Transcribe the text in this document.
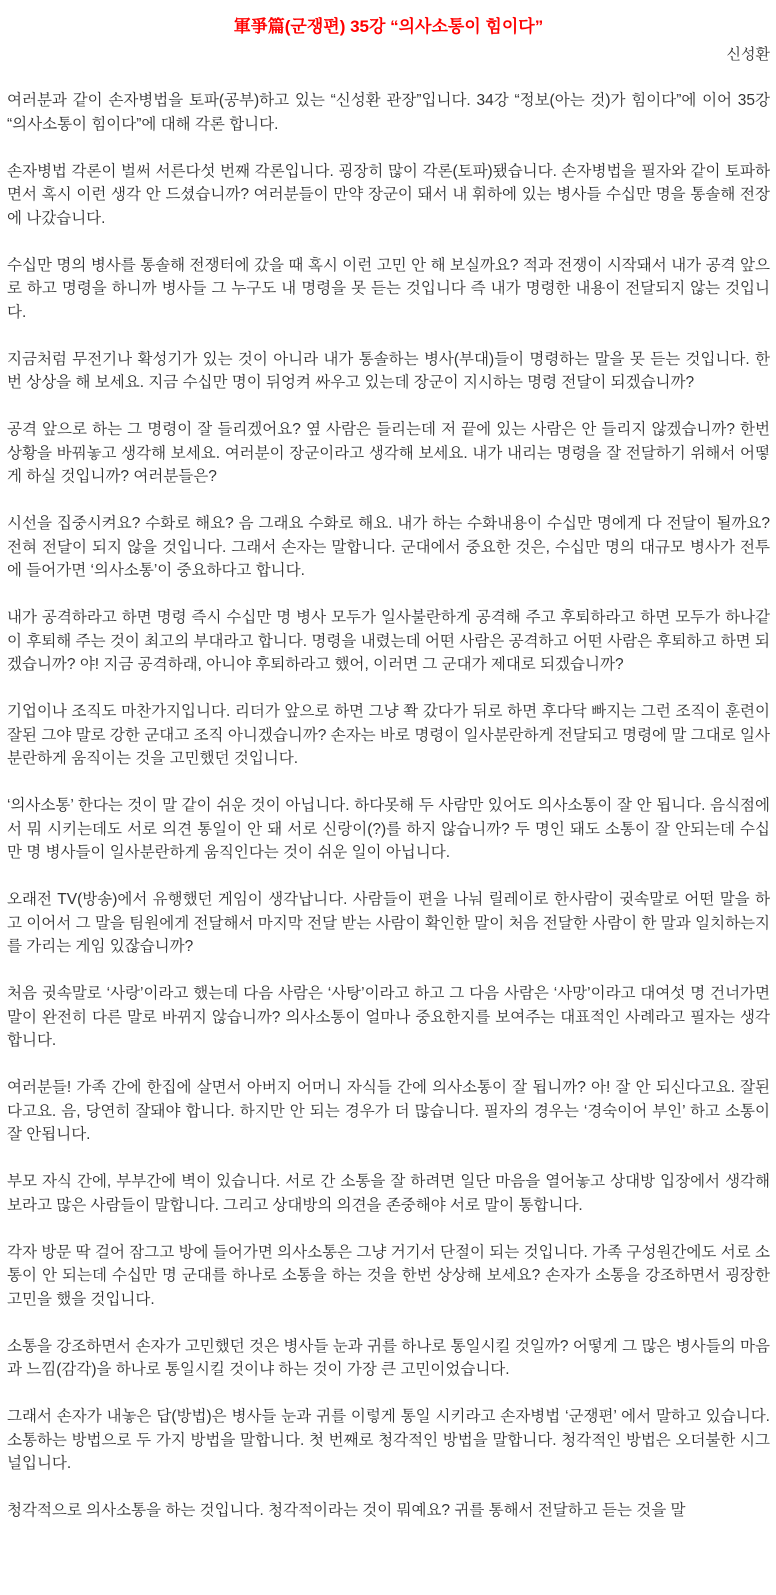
軍爭篇(군쟁편) 35강 “의사소통이 힘이다”
신성환

여러분과 같이 손자병법을 토파(공부)하고 있는 “신성환 관장”입니다. 34강 “정보(아는 것)가 힘이다”에 이어 35강 “의사소통이 힘이다”에 대해 각론 합니다.

손자병법 각론이 벌써 서른다섯 번째 각론입니다. 굉장히 많이 각론(토파)됐습니다. 손자병법을 필자와 같이 토파하면서 혹시 이런 생각 안 드셨습니까? 여러분들이 만약 장군이 돼서 내 휘하에 있는 병사들 수십만 명을 통솔해 전장에 나갔습니다.

수십만 명의 병사를 통솔해 전쟁터에 갔을 때 혹시 이런 고민 안 해 보실까요? 적과 전쟁이 시작돼서 내가 공격 앞으로 하고 명령을 하니까 병사들 그 누구도 내 명령을 못 듣는 것입니다 즉 내가 명령한 내용이 전달되지 않는 것입니다.

지금처럼 무전기나 확성기가 있는 것이 아니라 내가 통솔하는 병사(부대)들이 명령하는 말을 못 듣는 것입니다. 한번 상상을 해 보세요. 지금 수십만 명이 뒤엉켜 싸우고 있는데 장군이 지시하는 명령 전달이 되겠습니까?

공격 앞으로 하는 그 명령이 잘 들리겠어요? 옆 사람은 들리는데 저 끝에 있는 사람은 안 들리지 않겠습니까? 한번 상황을 바꿔놓고 생각해 보세요. 여러분이 장군이라고 생각해 보세요. 내가 내리는 명령을 잘 전달하기 위해서 어떻게 하실 것입니까? 여러분들은?

시선을 집중시켜요? 수화로 해요? 음 그래요 수화로 해요. 내가 하는 수화내용이 수십만 명에게 다 전달이 될까요? 전혀 전달이 되지 않을 것입니다. 그래서 손자는 말합니다. 군대에서 중요한 것은, 수십만 명의 대규모 병사가 전투에 들어가면 ‘의사소통’이 중요하다고 합니다.

내가 공격하라고 하면 명령 즉시 수십만 명 병사 모두가 일사불란하게 공격해 주고 후퇴하라고 하면 모두가 하나같이 후퇴해 주는 것이 최고의 부대라고 합니다. 명령을 내렸는데 어떤 사람은 공격하고 어떤 사람은 후퇴하고 하면 되겠습니까? 야! 지금 공격하래, 아니야 후퇴하라고 했어, 이러면 그 군대가 제대로 되겠습니까?

기업이나 조직도 마찬가지입니다. 리더가 앞으로 하면 그냥 쫙 갔다가 뒤로 하면 후다닥 빠지는 그런 조직이 훈련이 잘된 그야 말로 강한 군대고 조직 아니겠습니까? 손자는 바로 명령이 일사분란하게 전달되고 명령에 말 그대로 일사분란하게 움직이는 것을 고민했던 것입니다.

‘의사소통’ 한다는 것이 말 같이 쉬운 것이 아닙니다. 하다못해 두 사람만 있어도 의사소통이 잘 안 됩니다. 음식점에서 뭐 시키는데도 서로 의견 통일이 안 돼 서로 신랑이(?)를 하지 않습니까? 두 명인 돼도 소통이 잘 안되는데 수십만 명 병사들이 일사분란하게 움직인다는 것이 쉬운 일이 아닙니다.

오래전 TV(방송)에서 유행했던 게임이 생각납니다. 사람들이 편을 나눠 릴레이로 한사람이 귓속말로 어떤 말을 하고 이어서 그 말을 팀원에게 전달해서 마지막 전달 받는 사람이 확인한 말이 처음 전달한 사람이 한 말과 일치하는지를 가리는 게임 있잖습니까?

처음 귓속말로 ‘사랑’이라고 했는데 다음 사람은 ‘사탕’이라고 하고 그 다음 사람은 ‘사망’이라고 대여섯 명 건너가면 말이 완전히 다른 말로 바뀌지 않습니까? 의사소통이 얼마나 중요한지를 보여주는 대표적인 사례라고 필자는 생각합니다.

여러분들! 가족 간에 한집에 살면서 아버지 어머니 자식들 간에 의사소통이 잘 됩니까? 아! 잘 안 되신다고요. 잘된다고요. 음, 당연히 잘돼야 합니다. 하지만 안 되는 경우가 더 많습니다. 필자의 경우는 ‘경숙이어 부인’ 하고 소통이 잘 안됩니다.

부모 자식 간에, 부부간에 벽이 있습니다. 서로 간 소통을 잘 하려면 일단 마음을 열어놓고 상대방 입장에서 생각해 보라고 많은 사람들이 말합니다. 그리고 상대방의 의견을 존중해야 서로 말이 통합니다.

각자 방문 딱 걸어 잠그고 방에 들어가면 의사소통은 그냥 거기서 단절이 되는 것입니다. 가족 구성원간에도 서로 소통이 안 되는데 수십만 명 군대를 하나로 소통을 하는 것을 한번 상상해 보세요? 손자가 소통을 강조하면서 굉장한 고민을 했을 것입니다.

소통을 강조하면서 손자가 고민했던 것은 병사들 눈과 귀를 하나로 통일시킬 것일까? 어떻게 그 많은 병사들의 마음과 느낌(감각)을 하나로 통일시킬 것이냐 하는 것이 가장 큰 고민이었습니다.

그래서 손자가 내놓은 답(방법)은 병사들 눈과 귀를 이렇게 통일 시키라고 손자병법 ‘군쟁편’ 에서 말하고 있습니다. 소통하는 방법으로 두 가지 방법을 말합니다. 첫 번째로 청각적인 방법을 말합니다. 청각적인 방법은 오더불한 시그널입니다.

청각적으로 의사소통을 하는 것입니다. 청각적이라는 것이 뭐예요? 귀를 통해서 전달하고 듣는 것을 말
